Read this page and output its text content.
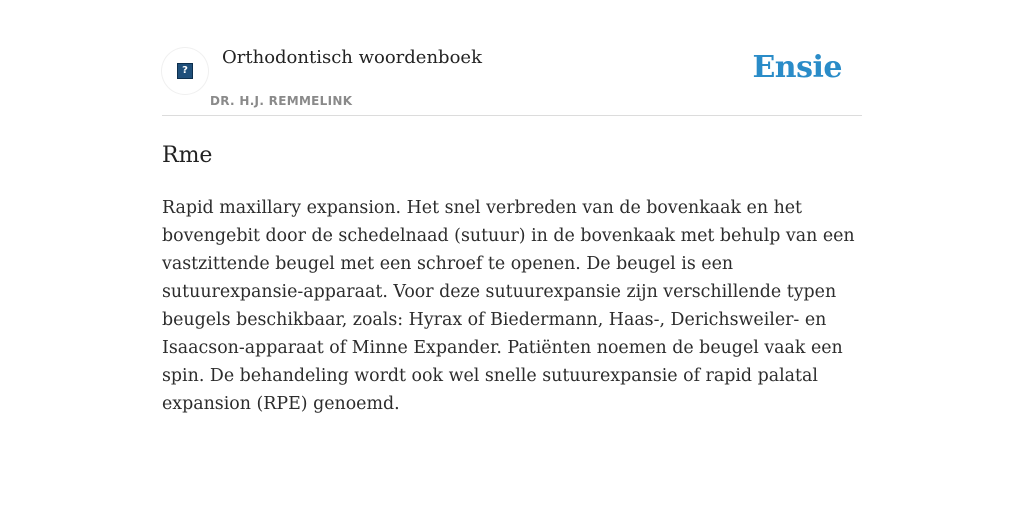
?
Orthodontisch woordenboek
DR. H.J. REMMELINK
Ensie
Rme

Rapid maxillary expansion. Het snel verbreden van de bovenkaak en het bovengebit door de schedelnaad (sutuur) in de bovenkaak met behulp van een vastzittende beugel met een schroef te openen. De beugel is een sutuurexpansie-apparaat. Voor deze sutuurexpansie zijn verschillende typen beugels beschikbaar, zoals: Hyrax of Biedermann, Haas-, Derichsweiler- en Isaacson-apparaat of Minne Expander. Patiënten noemen de beugel vaak een spin. De behandeling wordt ook wel snelle sutuurexpansie of rapid palatal expansion (RPE) genoemd.
